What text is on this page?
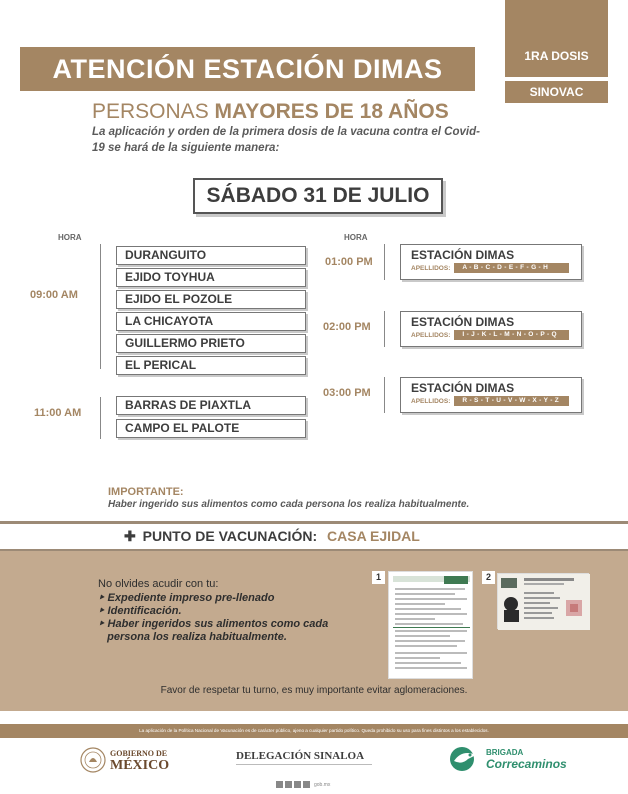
ATENCIÓN ESTACIÓN DIMAS	1RA DOSIS
SINOVAC
PERSONAS MAYORES DE 18 AÑOS
La aplicación y orden de la primera dosis de la vacuna contra el Covid-19 se hará de la siguiente manera:
SÁBADO 31 DE JULIO
HORA
09:00 AM
DURANGUITO
EJIDO TOYHUA
EJIDO EL POZOLE
LA CHICAYOTA
GUILLERMO PRIETO
EL PERICAL
11:00 AM
BARRAS DE PIAXTLA
CAMPO EL PALOTE
HORA
01:00 PM	ESTACIÓN DIMAS
APELLIDOS:	A - B - C - D - E - F - G - H
02:00 PM	ESTACIÓN DIMAS
APELLIDOS:	I - J - K - L - M - N - O - P - Q
03:00 PM	ESTACIÓN DIMAS
APELLIDOS:	R - S - T - U - V - W - X - Y - Z
IMPORTANTE:
Haber ingerido sus alimentos como cada persona los realiza habitualmente.
✚ PUNTO DE VACUNACIÓN: CASA EJIDAL
No olvides acudir con tu:
‣ Expediente impreso pre-llenado
‣ Identificación.
‣ Haber ingeridos sus alimentos como cada
persona los realiza habitualmente.
1	2
Favor de respetar tu turno, es muy importante evitar aglomeraciones.
La aplicación de la Política Nacional de Vacunación es de carácter público, ajeno a cualquier partido político. Queda prohibido su uso para fines distintos a los establecidos.
GOBIERNO DE
MÉXICO
DELEGACIÓN SINALOA	BRIGADA
Correcaminos
gob.mx
